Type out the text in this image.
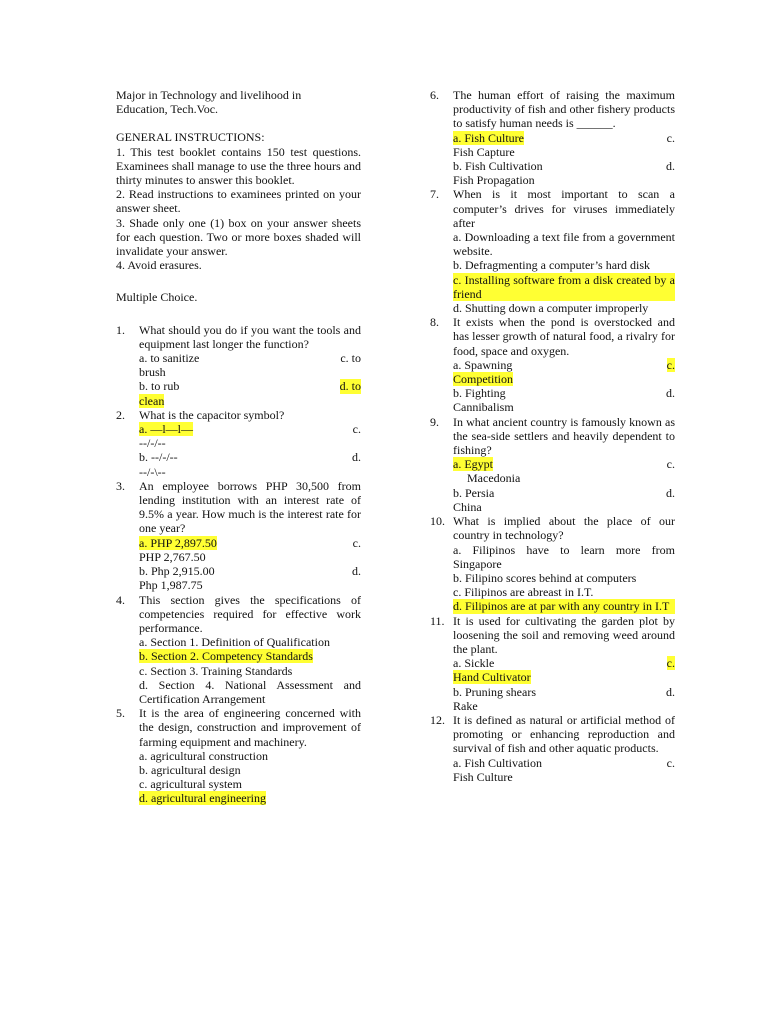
Major in Technology and livelihood in

Education, Tech.Voc.

GENERAL INSTRUCTIONS:

1. This test booklet contains 150 test questions. Examinees shall manage to use the three hours and thirty minutes to answer this booklet.

2. Read instructions to examinees printed on your answer sheet.

3. Shade only one (1) box on your answer sheets for each question. Two or more boxes shaded will invalidate your answer.

4. Avoid erasures.

Multiple Choice.

1.	What should you do if you want the tools and equipment last longer the function?

a. to sanitize	c. to
brush
b. to rub	d. to
clean
2.	What is the capacitor symbol?

a. —l—l—	c.
--/-/--
b. --/-/--	d.
--/-\--
3.	An employee borrows PHP 30,500 from lending institution with an interest rate of 9.5% a year. How much is the interest rate for one year?

a. PHP 2,897.50	c.
PHP 2,767.50
b. Php 2,915.00	d.
Php 1,987.75
4.	This section gives the specifications of competencies required for effective work performance.

a. Section 1. Definition of Qualification

b. Section 2. Competency Standards
c. Section 3. Training Standards

d. Section 4. National Assessment and Certification Arrangement

5.	It is the area of engineering concerned with the design, construction and improvement of farming equipment and machinery.

a. agricultural construction
b. agricultural design
c. agricultural system
d. agricultural engineering
6.	The human effort of raising the maximum productivity of fish and other fishery products to satisfy human needs is ______.

a. Fish Culture	c.
Fish Capture
b. Fish Cultivation	d.
Fish Propagation
7.	When is it most important to scan a computer’s drives for viruses immediately after

a. Downloading a text file from a government website.

b. Defragmenting a computer’s hard disk

c. Installing software from a disk created by a friend

d. Shutting down a computer improperly

8.	It exists when the pond is overstocked and has lesser growth of natural food, a rivalry for food, space and oxygen.

a. Spawning	c.
Competition
b. Fighting	d.
Cannibalism
9.	In what ancient country is famously known as the sea-side settlers and heavily dependent to fishing?

a. Egypt	c.
Macedonia
b. Persia	d.
China
10. What is implied about the place of our country in technology?

a. Filipinos have to learn more from Singapore

b. Filipino scores behind at computers

c. Filipinos are abreast in I.T.

d. Filipinos are at par with any country in I.T

11. It is used for cultivating the garden plot by loosening the soil and removing weed around the plant.

a. Sickle	c.
Hand Cultivator
b. Pruning shears	d.
Rake
12. It is defined as natural or artificial method of promoting or enhancing reproduction and survival of fish and other aquatic products.

a. Fish Cultivation	c.
Fish Culture
